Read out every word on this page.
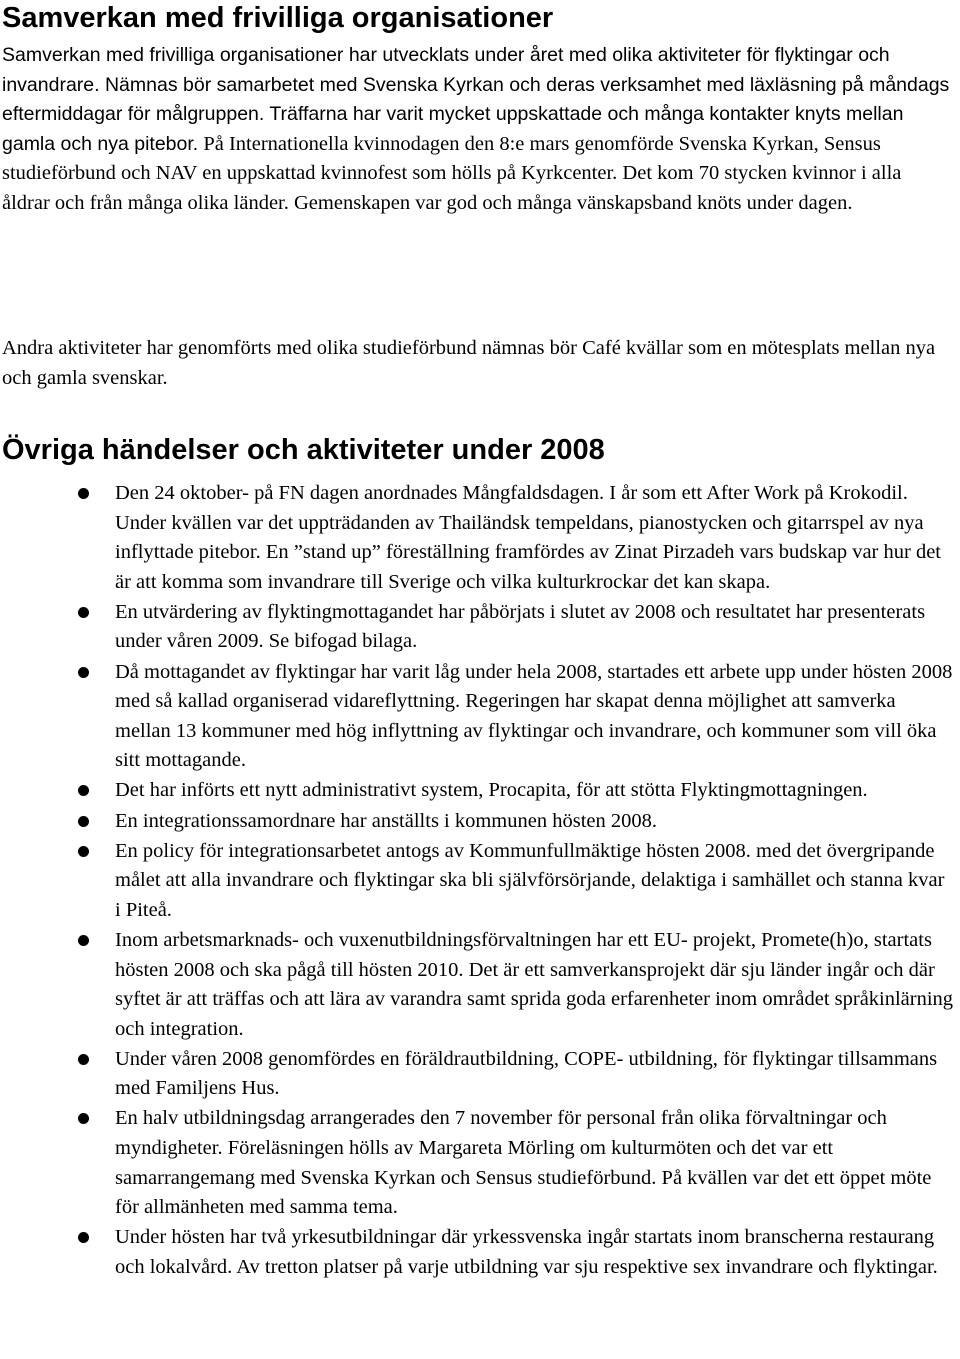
Samverkan med frivilliga organisationer

Samverkan med frivilliga organisationer har utvecklats under året med olika aktiviteter för flyktingar och invandrare. Nämnas bör samarbetet med Svenska Kyrkan och deras verksamhet med läxläsning på måndags eftermiddagar för målgruppen. Träffarna har varit mycket uppskattade och många kontakter knyts mellan gamla och nya pitebor. På Internationella kvinnodagen den 8:e mars genomförde Svenska Kyrkan, Sensus studieförbund och NAV en uppskattad kvinnofest som hölls på Kyrkcenter. Det kom 70 stycken kvinnor i alla åldrar och från många olika länder. Gemenskapen var god och många vänskapsband knöts under dagen.

Andra aktiviteter har genomförts med olika studieförbund nämnas bör Café kvällar som en mötesplats mellan nya och gamla svenskar.

Övriga händelser och aktiviteter under 2008
Den 24 oktober- på FN dagen anordnades Mångfaldsdagen. I år som ett After Work på Krokodil. Under kvällen var det uppträdanden av Thailändsk tempeldans, pianostycken och gitarrspel av nya inflyttade pitebor. En ”stand up” föreställning framfördes av Zinat Pirzadeh vars budskap var hur det är att komma som invandrare till Sverige och vilka kulturkrockar det kan skapa.
En utvärdering av flyktingmottagandet har påbörjats i slutet av 2008 och resultatet har presenterats under våren 2009. Se bifogad bilaga.
Då mottagandet av flyktingar har varit låg under hela 2008, startades ett arbete upp under hösten 2008 med så kallad organiserad vidareflyttning. Regeringen har skapat denna möjlighet att samverka mellan 13 kommuner med hög inflyttning av flyktingar och invandrare, och kommuner som vill öka sitt mottagande.
Det har införts ett nytt administrativt system, Procapita, för att stötta Flyktingmottagningen.
En integrationssamordnare har anställts i kommunen hösten 2008.
En policy för integrationsarbetet antogs av Kommunfullmäktige hösten 2008. med det övergripande målet att alla invandrare och flyktingar ska bli självförsörjande, delaktiga i samhället och stanna kvar i Piteå.
Inom arbetsmarknads- och vuxenutbildningsförvaltningen har ett EU- projekt, Promete(h)o, startats hösten 2008 och ska pågå till hösten 2010. Det är ett samverkansprojekt där sju länder ingår och där syftet är att träffas och att lära av varandra samt sprida goda erfarenheter inom området språkinlärning och integration.
Under våren 2008 genomfördes en föräldrautbildning, COPE- utbildning, för flyktingar tillsammans med Familjens Hus.
En halv utbildningsdag arrangerades den 7 november för personal från olika förvaltningar och myndigheter. Föreläsningen hölls av Margareta Mörling om kulturmöten och det var ett samarrangemang med Svenska Kyrkan och Sensus studieförbund. På kvällen var det ett öppet möte för allmänheten med samma tema.
Under hösten har två yrkesutbildningar där yrkessvenska ingår startats inom branscherna restaurang och lokalvård. Av tretton platser på varje utbildning var sju respektive sex invandrare och flyktingar.
